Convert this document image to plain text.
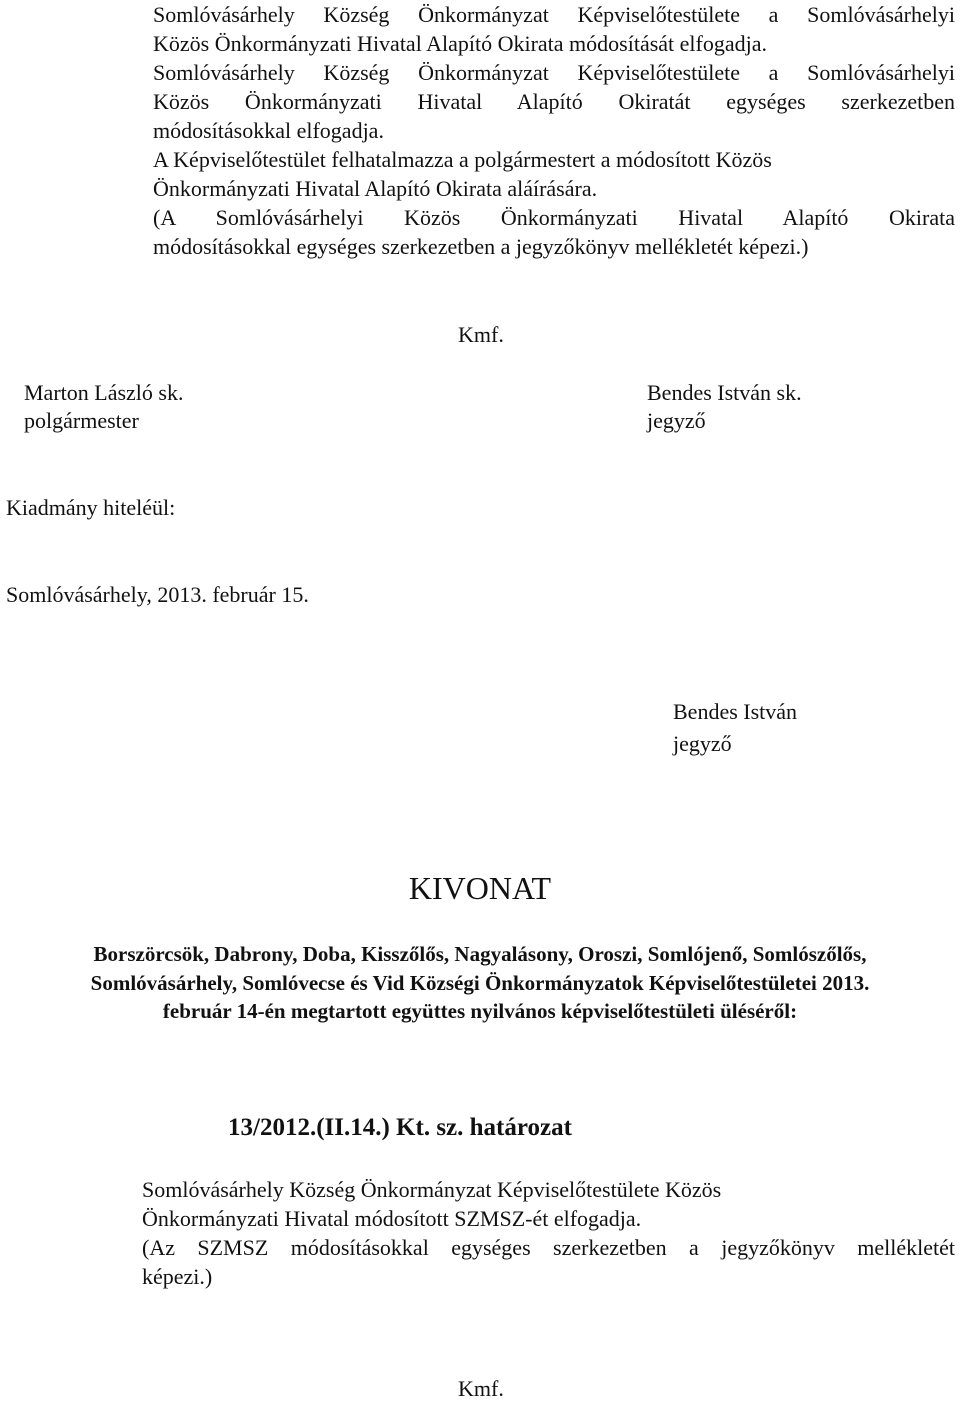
Somlóvásárhely Község Önkormányzat Képviselőtestülete a Somlóvásárhelyi
Közös Önkormányzati Hivatal Alapító Okirata módosítását elfogadja.
Somlóvásárhely Község Önkormányzat Képviselőtestülete a Somlóvásárhelyi
Közös Önkormányzati Hivatal Alapító Okiratát egységes szerkezetben
módosításokkal elfogadja.
A Képviselőtestület felhatalmazza a polgármestert a módosított Közös
Önkormányzati Hivatal Alapító Okirata aláírására.
(A Somlóvásárhelyi Közös Önkormányzati Hivatal Alapító Okirata
módosításokkal egységes szerkezetben a jegyzőkönyv mellékletét képezi.)
Kmf.
Marton László sk.
polgármester
Bendes István sk.
jegyző
Kiadmány hiteléül:
Somlóvásárhely, 2013. február 15.
Bendes István
jegyző
KIVONAT
Borszörcsök, Dabrony, Doba, Kisszőlős, Nagyalásony, Oroszi, Somlójenő, Somlószőlős,
Somlóvásárhely, Somlóvecse és Vid Községi Önkormányzatok Képviselőtestületei 2013.
február 14-én megtartott együttes nyilvános képviselőtestületi üléséről:
13/2012.(II.14.) Kt. sz. határozat
Somlóvásárhely Község Önkormányzat Képviselőtestülete Közös
Önkormányzati Hivatal módosított SZMSZ-ét elfogadja.
(Az SZMSZ módosításokkal egységes szerkezetben a jegyzőkönyv mellékletét
képezi.)
Kmf.
